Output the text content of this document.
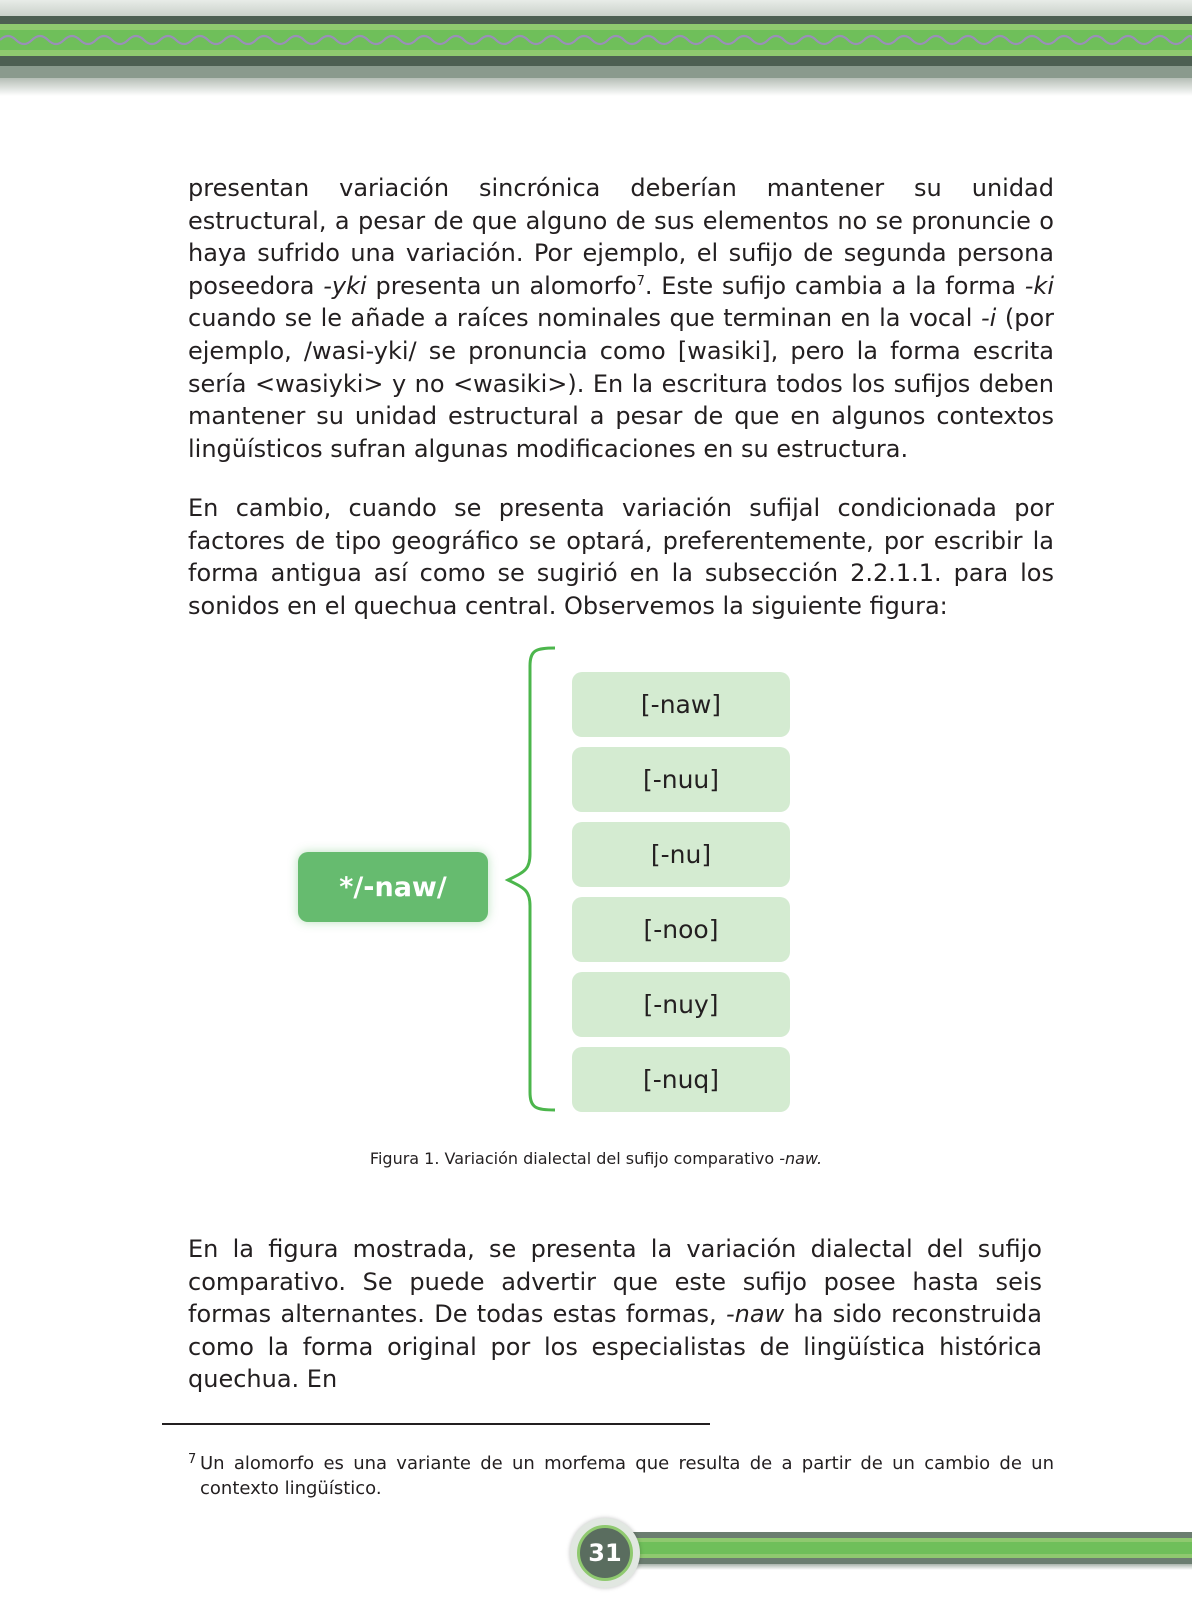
presentan variación sincrónica deberían mantener su unidad estructural, a pesar de que alguno de sus elementos no se pronuncie o haya sufrido una variación. Por ejemplo, el sufijo de segunda persona poseedora -yki presenta un alomorfo$^7$. Este sufijo cambia a la forma -ki cuando se le añade a raíces nominales que terminan en la vocal -i (por ejemplo, /wasi-yki/ se pronuncia como [wasiki], pero la forma escrita sería <wasiyki> y no <wasiki>). En la escritura todos los sufijos deben mantener su unidad estructural a pesar de que en algunos contextos lingüísticos sufran algunas modificaciones en su estructura.

En cambio, cuando se presenta variación sufijal condicionada por factores de tipo geográfico se optará, preferentemente, por escribir la forma antigua así como se sugirió en la subsección 2.2.1.1. para los sonidos en el quechua central. Observemos la siguiente figura:

*/-naw/
[-naw]
[-nuu]
[-nu]
[-noo]
[-nuy]
[-nuq]
Figura 1. Variación dialectal del sufijo comparativo -naw.

En la figura mostrada, se presenta la variación dialectal del sufijo comparativo. Se puede advertir que este sufijo posee hasta seis formas alternantes. De todas estas formas, -naw ha sido reconstruida como la forma original por los especialistas de lingüística histórica quechua. En

7 Un alomorfo es una variante de un morfema que resulta de a partir de un cambio de un contexto lingüístico.

31
